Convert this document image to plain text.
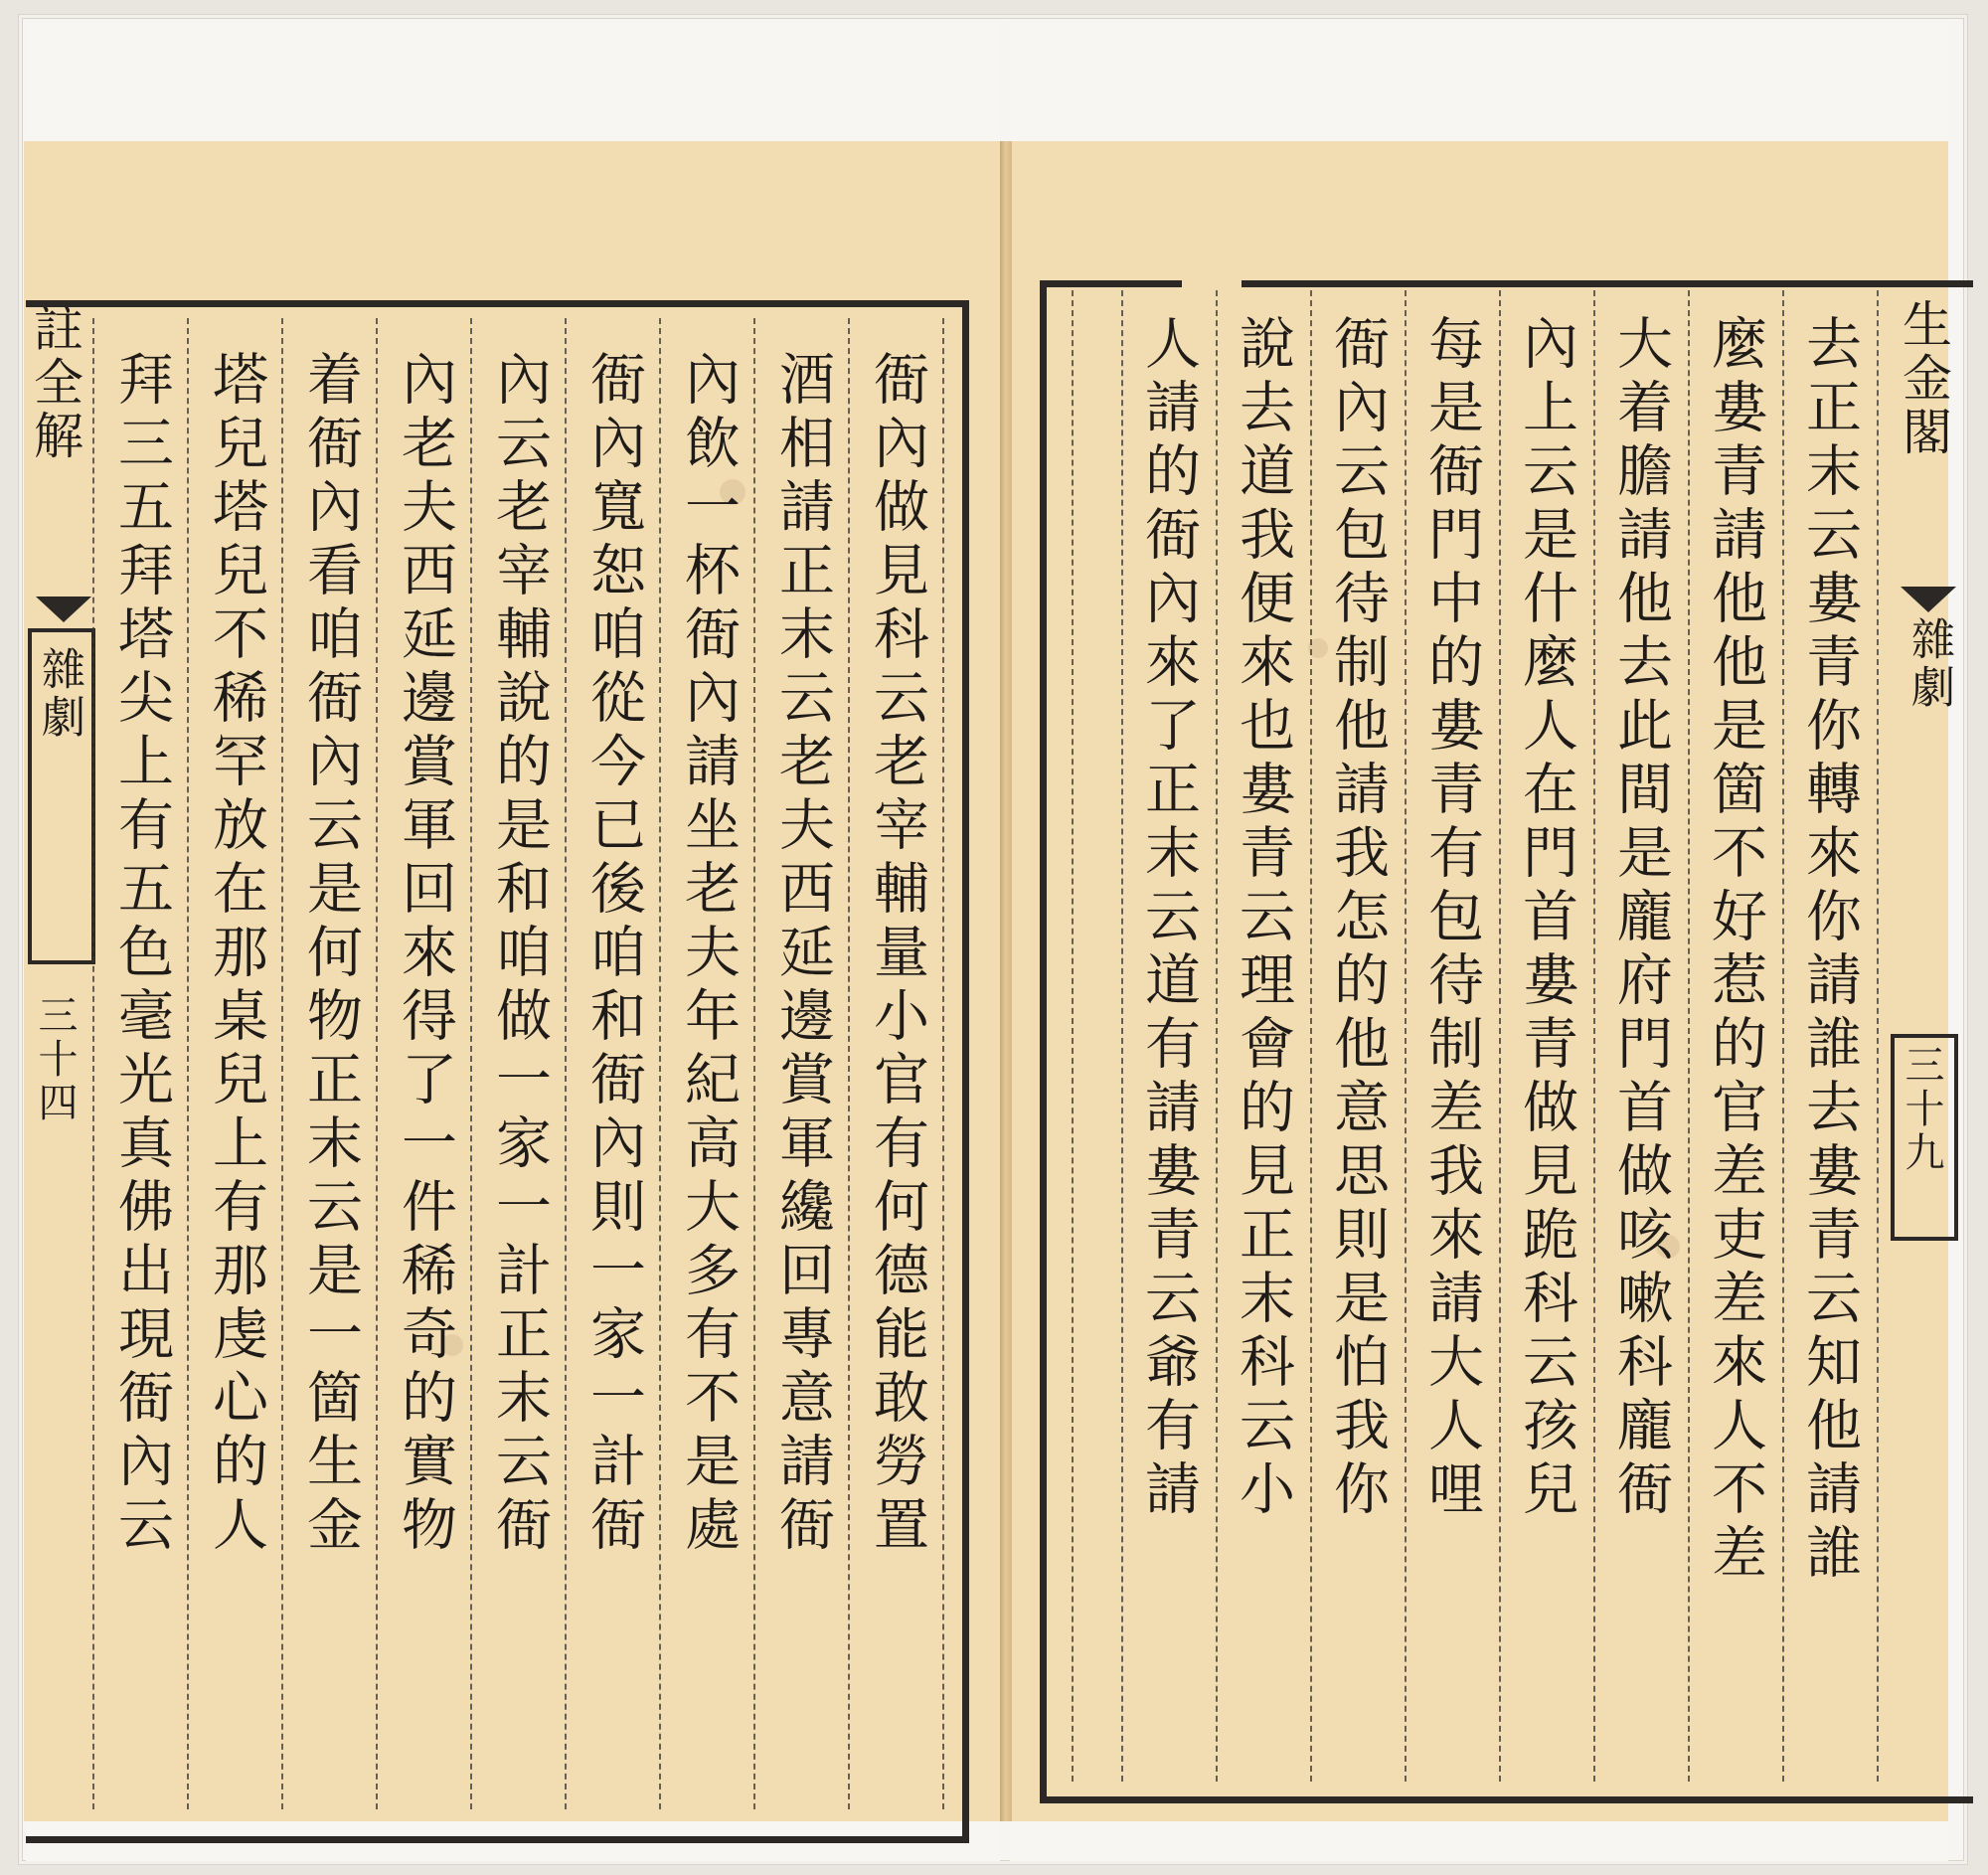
註全解
雜劇
三十四	衙內做見科云老宰輔量小官有何德能敢勞置
酒相請正末云老夫西延邊賞軍纔回專意請衙
內飲一杯衙內請坐老夫年紀高大多有不是處
衙內寬恕咱從今已後咱和衙內則一家一計衙
內云老宰輔說的是和咱做一家一計正末云衙
內老夫西延邊賞軍回來得了一件稀奇的實物
着衙內看咱衙內云是何物正末云是一箇生金
塔兒塔兒不稀罕放在那桌兒上有那虔心的人
拜三五拜塔尖上有五色毫光真佛出現衙內云	生金閣
雜劇
三十九
去正末云婁青你轉來你請誰去婁青云知他請誰
麼婁青請他他是箇不好惹的官差吏差來人不差
大着膽請他去此間是龐府門首做咳嗽科龐衙
內上云是什麼人在門首婁青做見跪科云孩兒
每是衙門中的婁青有包待制差我來請大人哩
衙內云包待制他請我怎的他意思則是怕我你
說去道我便來也婁青云理會的見正末科云小
人請的衙內來了正末云道有請婁青云爺有請
